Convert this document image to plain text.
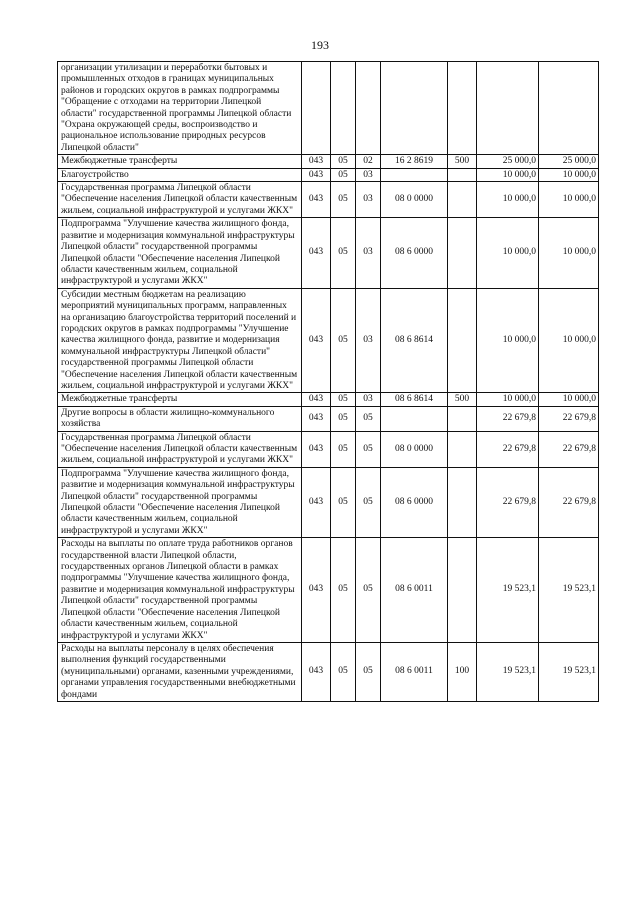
193
организации утилизации и переработки бытовых и промышленных отходов в границах муниципальных районов и городских округов в рамках подпрограммы "Обращение с отходами на территории Липецкой области" государственной программы Липецкой области "Охрана окружающей среды, воспроизводство и рациональное использование природных ресурсов Липецкой области"							
Межбюджетные трансферты	043	05	02	16 2 8619	500	25 000,0	25 000,0
Благоустройство	043	05	03			10 000,0	10 000,0
Государственная программа Липецкой области "Обеспечение населения Липецкой области качественным жильем, социальной инфраструктурой и услугами ЖКХ"	043	05	03	08 0 0000		10 000,0	10 000,0
Подпрограмма "Улучшение качества жилищного фонда, развитие и модернизация коммунальной инфраструктуры Липецкой области" государственной программы Липецкой области "Обеспечение населения Липецкой области качественным жильем, социальной инфраструктурой и услугами ЖКХ"	043	05	03	08 6 0000		10 000,0	10 000,0
Субсидии местным бюджетам на реализацию мероприятий муниципальных программ, направленных на организацию благоустройства территорий поселений и городских округов в рамках подпрограммы "Улучшение качества жилищного фонда, развитие и модернизация коммунальной инфраструктуры Липецкой области" государственной программы Липецкой области "Обеспечение населения Липецкой области качественным жильем, социальной инфраструктурой и услугами ЖКХ"	043	05	03	08 6 8614		10 000,0	10 000,0
Межбюджетные трансферты	043	05	03	08 6 8614	500	10 000,0	10 000,0
Другие вопросы в области жилищно-коммунального хозяйства	043	05	05			22 679,8	22 679,8
Государственная программа Липецкой области "Обеспечение населения Липецкой области качественным жильем, социальной инфраструктурой и услугами ЖКХ"	043	05	05	08 0 0000		22 679,8	22 679,8
Подпрограмма "Улучшение качества жилищного фонда, развитие и модернизация коммунальной инфраструктуры Липецкой области" государственной программы Липецкой области "Обеспечение населения Липецкой области качественным жильем, социальной инфраструктурой и услугами ЖКХ"	043	05	05	08 6 0000		22 679,8	22 679,8
Расходы на выплаты по оплате труда работников органов государственной власти Липецкой области, государственных органов Липецкой области в рамках подпрограммы "Улучшение качества жилищного фонда, развитие и модернизация коммунальной инфраструктуры Липецкой области" государственной программы Липецкой области "Обеспечение населения Липецкой области качественным жильем, социальной инфраструктурой и услугами ЖКХ"	043	05	05	08 6 0011		19 523,1	19 523,1
Расходы на выплаты персоналу в целях обеспечения выполнения функций государственными (муниципальными) органами, казенными учреждениями, органами управления государственными внебюджетными фондами	043	05	05	08 6 0011	100	19 523,1	19 523,1
